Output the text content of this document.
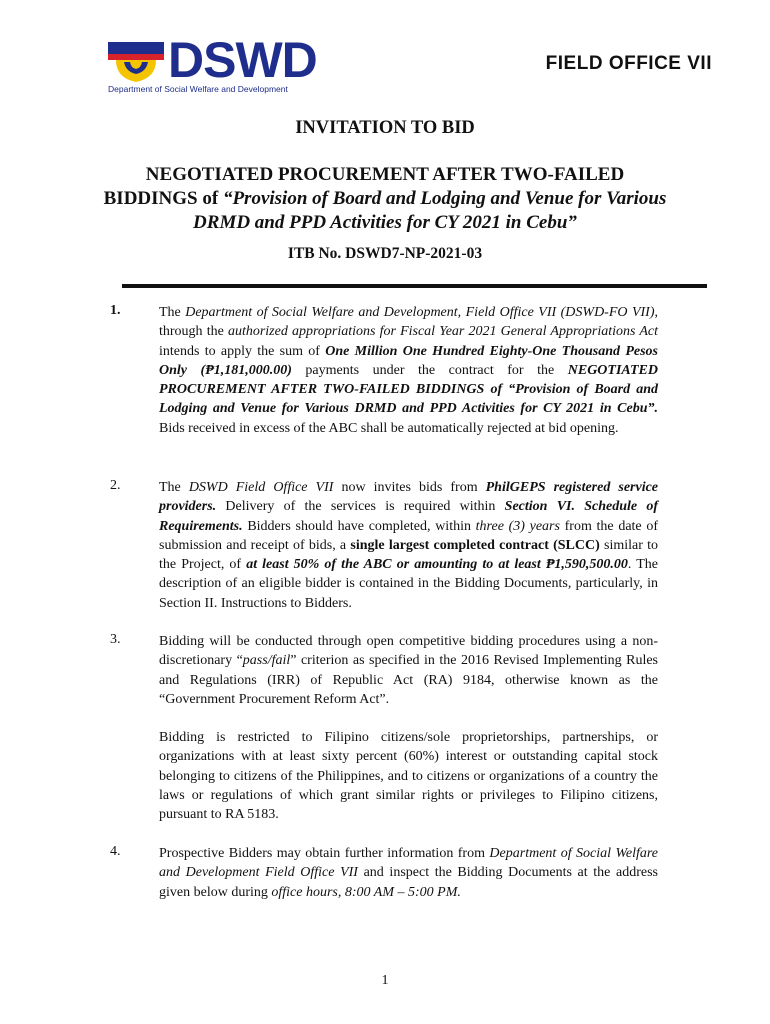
DSWD
Department of Social Welfare and Development
FIELD OFFICE VII
INVITATION TO BID
NEGOTIATED PROCUREMENT AFTER TWO-FAILED BIDDINGS of “Provision of Board and Lodging and Venue for Various DRMD and PPD Activities for CY 2021 in Cebu”
ITB No. DSWD7-NP-2021-03
1.	The Department of Social Welfare and Development, Field Office VII (DSWD-FO VII), through the authorized appropriations for Fiscal Year 2021 General Appropriations Act intends to apply the sum of One Million One Hundred Eighty-One Thousand Pesos Only (₱1,181,000.00) payments under the contract for the NEGOTIATED PROCUREMENT AFTER TWO-FAILED BIDDINGS of “Provision of Board and Lodging and Venue for Various DRMD and PPD Activities for CY 2021 in Cebu”. Bids received in excess of the ABC shall be automatically rejected at bid opening.
2.	The DSWD Field Office VII now invites bids from PhilGEPS registered service providers. Delivery of the services is required within Section VI. Schedule of Requirements. Bidders should have completed, within three (3) years from the date of submission and receipt of bids, a single largest completed contract (SLCC) similar to the Project, of at least 50% of the ABC or amounting to at least ₱1,590,500.00. The description of an eligible bidder is contained in the Bidding Documents, particularly, in Section II. Instructions to Bidders.
3.	Bidding will be conducted through open competitive bidding procedures using a non-discretionary “pass/fail” criterion as specified in the 2016 Revised Implementing Rules and Regulations (IRR) of Republic Act (RA) 9184, otherwise known as the “Government Procurement Reform Act”.
Bidding is restricted to Filipino citizens/sole proprietorships, partnerships, or organizations with at least sixty percent (60%) interest or outstanding capital stock belonging to citizens of the Philippines, and to citizens or organizations of a country the laws or regulations of which grant similar rights or privileges to Filipino citizens, pursuant to RA 5183.
4.	Prospective Bidders may obtain further information from Department of Social Welfare and Development Field Office VII and inspect the Bidding Documents at the address given below during office hours, 8:00 AM – 5:00 PM.
1
